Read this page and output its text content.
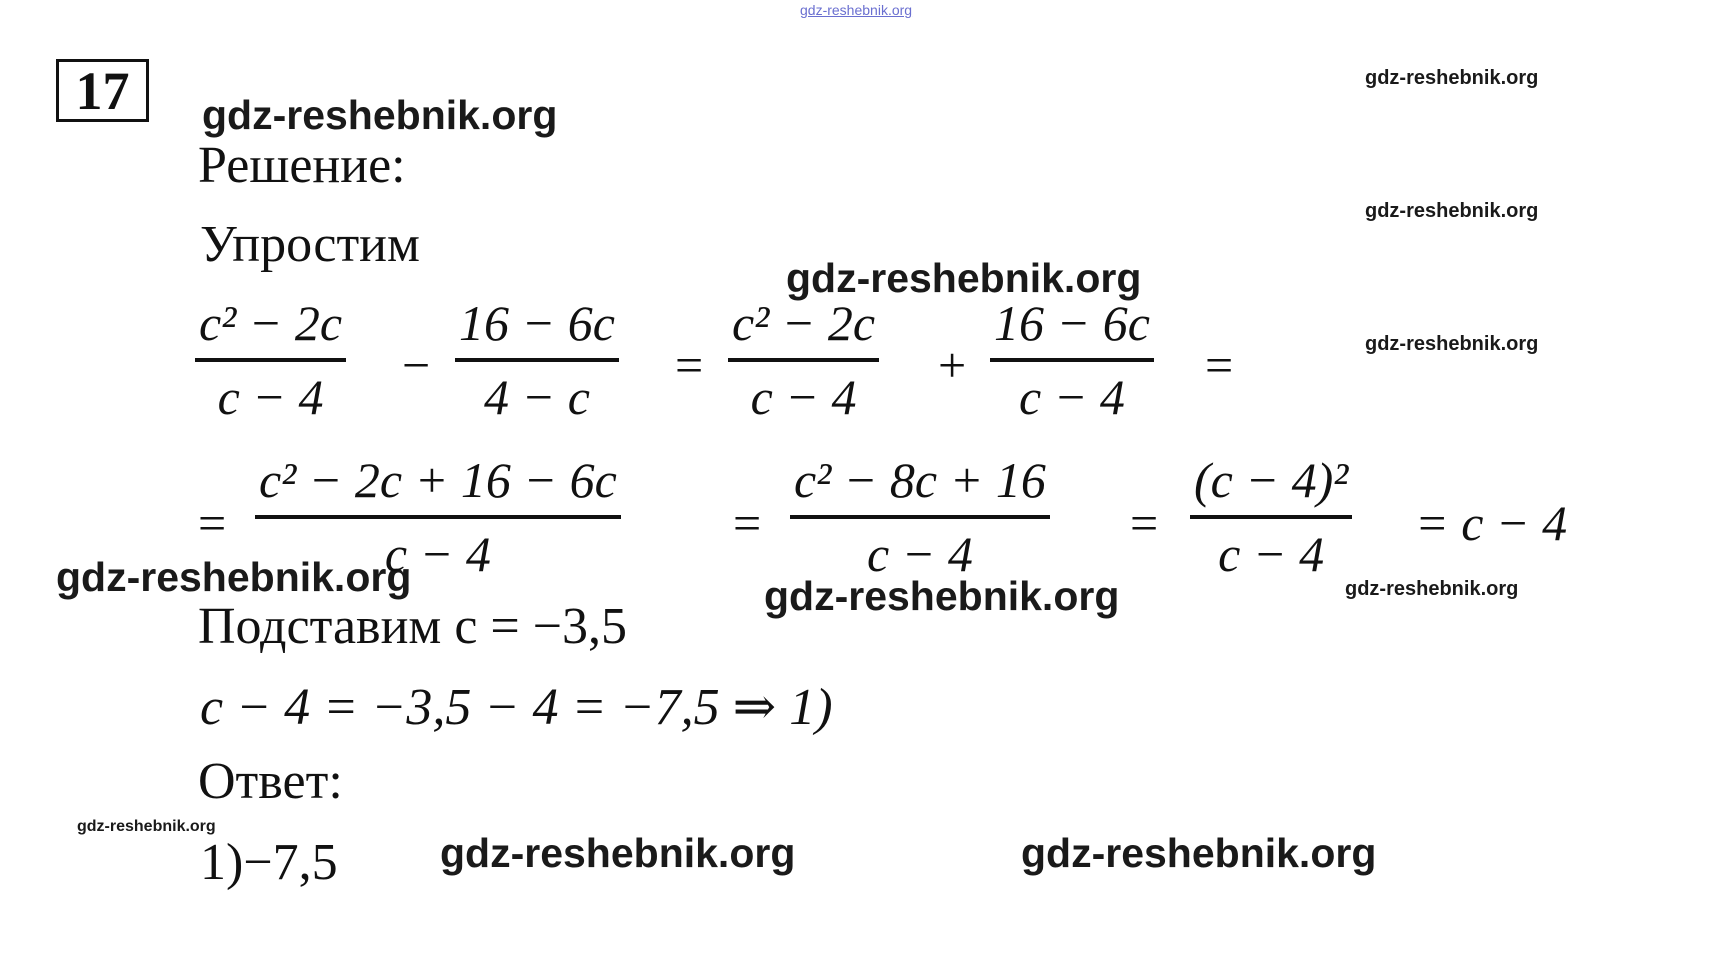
gdz-reshebnik.org
gdz-reshebnik.org
gdz-reshebnik.org
gdz-reshebnik.org
gdz-reshebnik.org
gdz-reshebnik.org
gdz-reshebnik.org	gdz-reshebnik.org	gdz-reshebnik.org
gdz-reshebnik.org
gdz-reshebnik.org	gdz-reshebnik.org
17
Решение:
Упростим
c² − 2c
c − 4
−
16 − 6c
4 − c
=
c² − 2c
c − 4
+
16 − 6c
c − 4
=
=
c² − 2c + 16 − 6c
c − 4
=
c² − 8c + 16
c − 4
=
(c − 4)²
c − 4
= c − 4
Подставим c = −3,5
c − 4 = −3,5 − 4 = −7,5 ⇒ 1)
Ответ:
1)−7,5
